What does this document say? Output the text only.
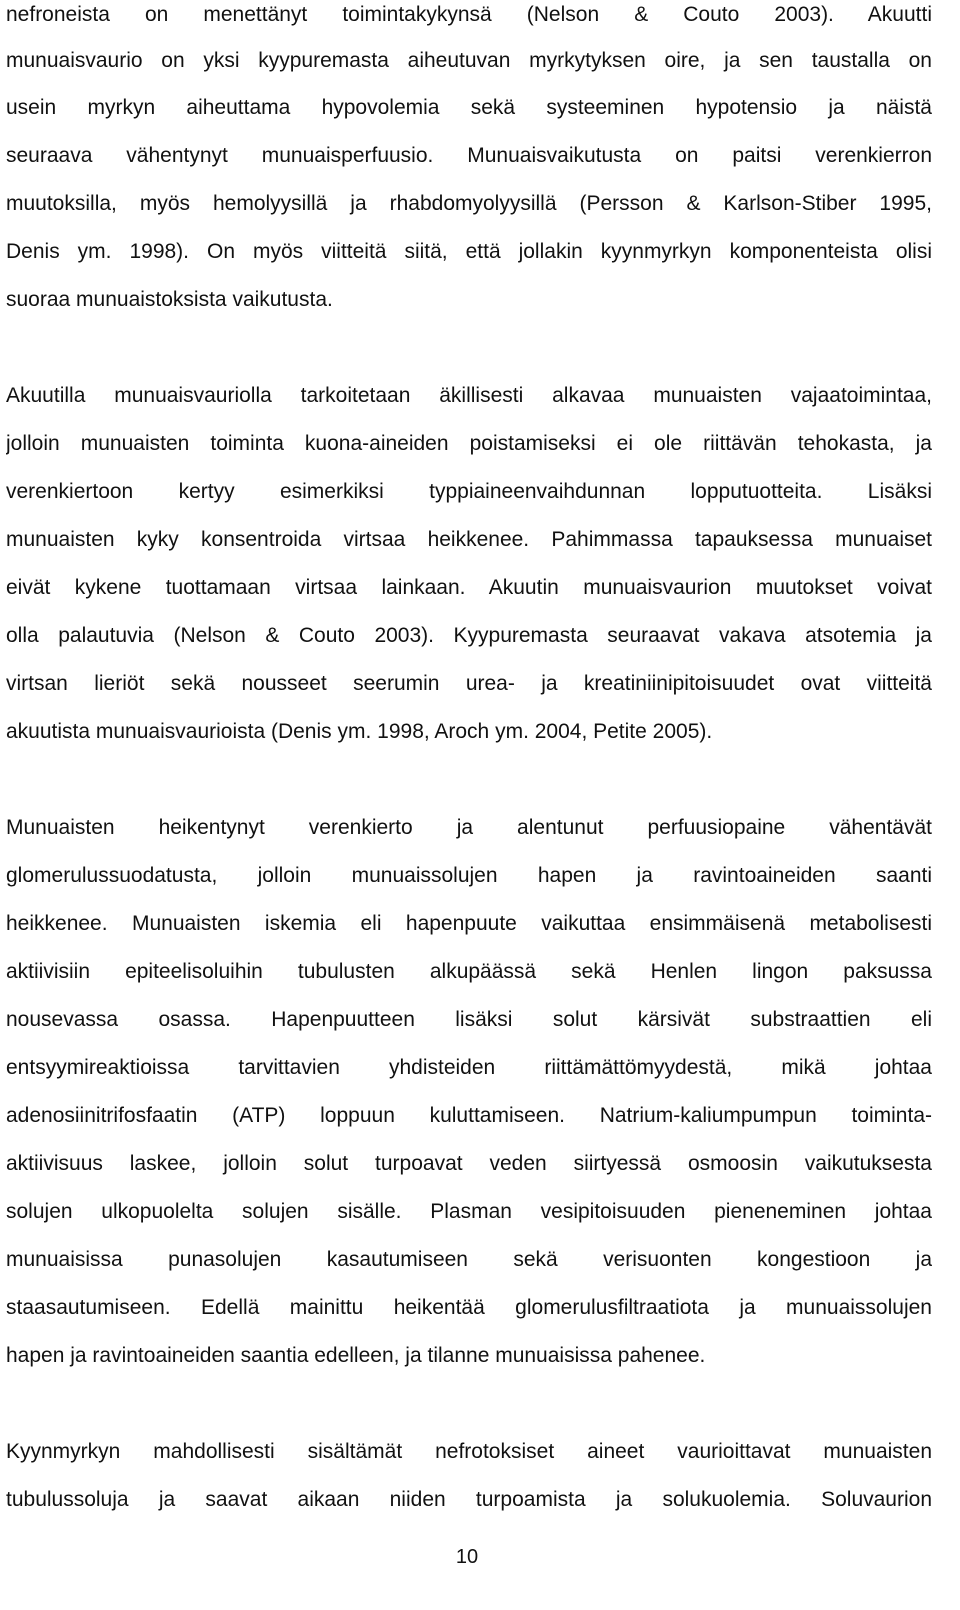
nefroneista on menettänyt toimintakykynsä (Nelson & Couto 2003). Akuutti
munuaisvaurio on yksi kyypuremasta aiheutuvan myrkytyksen oire, ja sen taustalla on
usein myrkyn aiheuttama hypovolemia sekä systeeminen hypotensio ja näistä
seuraava vähentynyt munuaisperfuusio. Munuaisvaikutusta on paitsi verenkierron
muutoksilla, myös hemolyysillä ja rhabdomyolyysillä (Persson & Karlson-Stiber 1995,
Denis ym. 1998). On myös viitteitä siitä, että jollakin kyynmyrkyn komponenteista olisi
suoraa munuaistoksista vaikutusta.
Akuutilla munuaisvauriolla tarkoitetaan äkillisesti alkavaa munuaisten vajaatoimintaa,
jolloin munuaisten toiminta kuona-aineiden poistamiseksi ei ole riittävän tehokasta, ja
verenkiertoon kertyy esimerkiksi typpiaineenvaihdunnan lopputuotteita. Lisäksi
munuaisten kyky konsentroida virtsaa heikkenee. Pahimmassa tapauksessa munuaiset
eivät kykene tuottamaan virtsaa lainkaan. Akuutin munuaisvaurion muutokset voivat
olla palautuvia (Nelson & Couto 2003). Kyypuremasta seuraavat vakava atsotemia ja
virtsan lieriöt sekä nousseet seerumin urea- ja kreatiniinipitoisuudet ovat viitteitä
akuutista munuaisvaurioista (Denis ym. 1998, Aroch ym. 2004, Petite 2005).
Munuaisten heikentynyt verenkierto ja alentunut perfuusiopaine vähentävät
glomerulussuodatusta, jolloin munuaissolujen hapen ja ravintoaineiden saanti
heikkenee. Munuaisten iskemia eli hapenpuute vaikuttaa ensimmäisenä metabolisesti
aktiivisiin epiteelisoluihin tubulusten alkupäässä sekä Henlen lingon paksussa
nousevassa osassa. Hapenpuutteen lisäksi solut kärsivät substraattien eli
entsyymireaktioissa tarvittavien yhdisteiden riittämättömyydestä, mikä johtaa
adenosiinitrifosfaatin (ATP) loppuun kuluttamiseen. Natrium-kaliumpumpun toiminta-
aktiivisuus laskee, jolloin solut turpoavat veden siirtyessä osmoosin vaikutuksesta
solujen ulkopuolelta solujen sisälle. Plasman vesipitoisuuden pieneneminen johtaa
munuaisissa punasolujen kasautumiseen sekä verisuonten kongestioon ja
staasautumiseen. Edellä mainittu heikentää glomerulusfiltraatiota ja munuaissolujen
hapen ja ravintoaineiden saantia edelleen, ja tilanne munuaisissa pahenee.
Kyynmyrkyn mahdollisesti sisältämät nefrotoksiset aineet vaurioittavat munuaisten
tubulussoluja ja saavat aikaan niiden turpoamista ja solukuolemia. Soluvaurion
10
